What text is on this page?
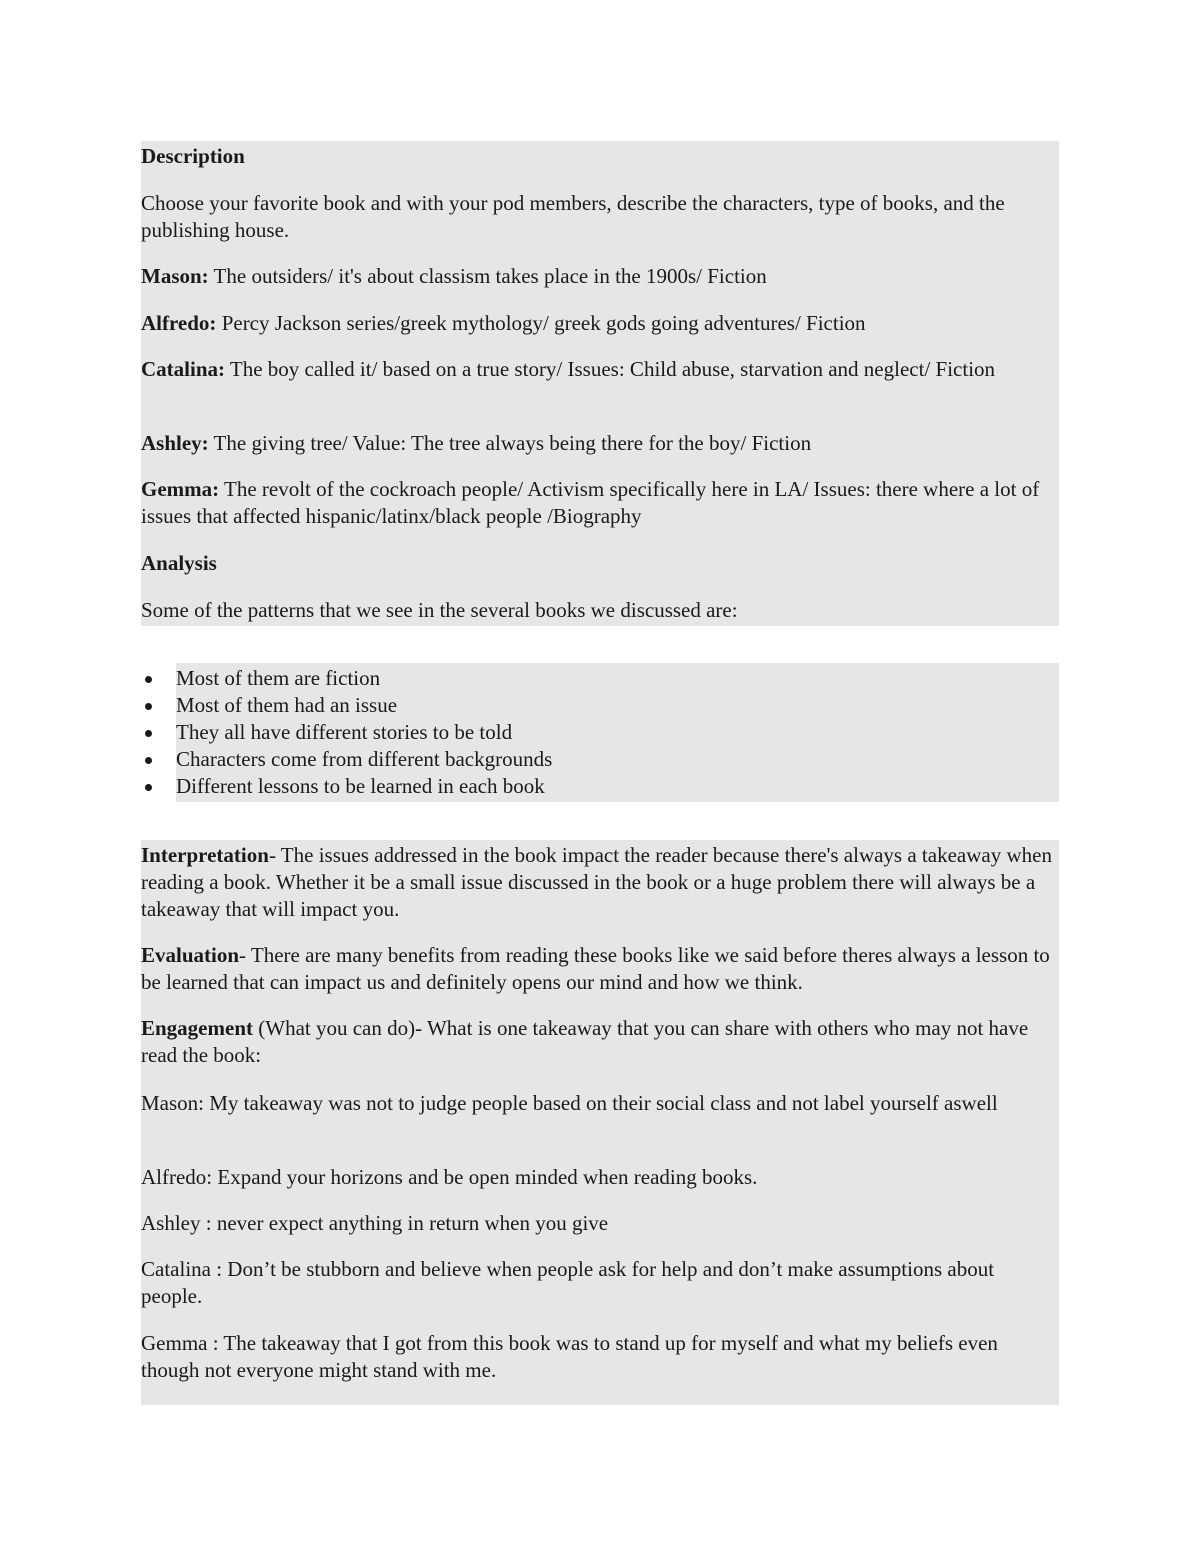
Description

Choose your favorite book and with your pod members, describe the characters, type of books, and the publishing house.

Mason: The outsiders/ it's about classism takes place in the 1900s/ Fiction

Alfredo: Percy Jackson series/greek mythology/ greek gods going adventures/ Fiction

Catalina: The boy called it/ based on a true story/ Issues: Child abuse, starvation and neglect/ Fiction

Ashley: The giving tree/ Value: The tree always being there for the boy/ Fiction

Gemma: The revolt of the cockroach people/ Activism specifically here in LA/ Issues: there where a lot of issues that affected hispanic/latinx/black people /Biography

Analysis

Some of the patterns that we see in the several books we discussed are:

Most of them are fiction
Most of them had an issue
They all have different stories to be told
Characters come from different backgrounds
Different lessons to be learned in each book

Interpretation- The issues addressed in the book impact the reader because there's always a takeaway when reading a book. Whether it be a small issue discussed in the book or a huge problem there will always be a takeaway that will impact you.

Evaluation- There are many benefits from reading these books like we said before theres always a lesson to be learned that can impact us and definitely opens our mind and how we think.

Engagement (What you can do)- What is one takeaway that you can share with others who may not have read the book:

Mason: My takeaway was not to judge people based on their social class and not label yourself aswell

Alfredo: Expand your horizons and be open minded when reading books.

Ashley : never expect anything in return when you give

Catalina : Don’t be stubborn and believe when people ask for help and don’t make assumptions about people.

Gemma : The takeaway that I got from this book was to stand up for myself and what my beliefs even though not everyone might stand with me.
